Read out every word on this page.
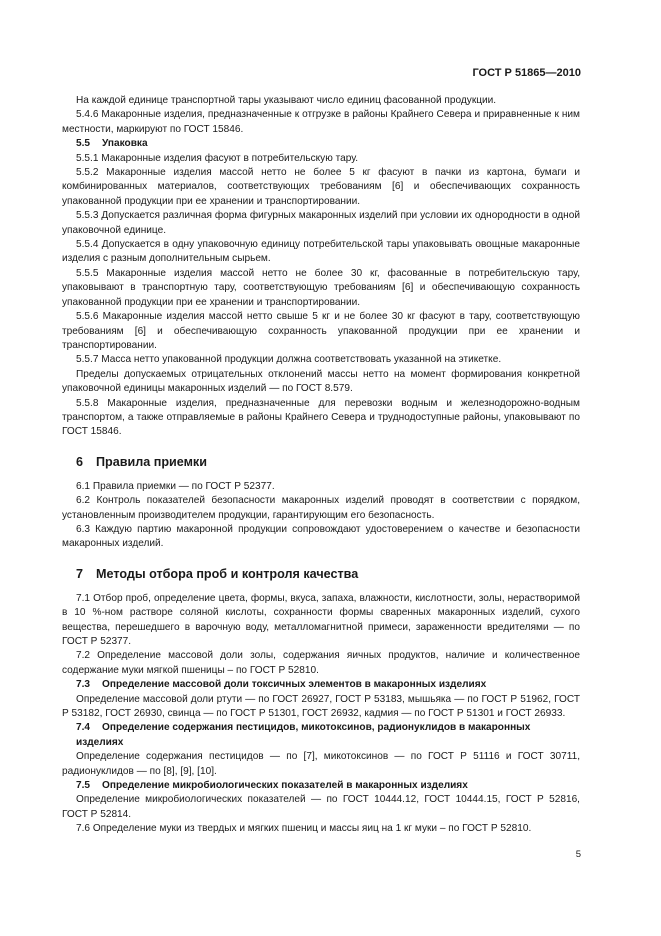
ГОСТ Р 51865—2010

На каждой единице транспортной тары указывают число единиц фасованной продукции.

5.4.6 Макаронные изделия, предназначенные к отгрузке в районы Крайнего Севера и приравненные к ним местности, маркируют по ГОСТ 15846.

5.5 Упаковка

5.5.1 Макаронные изделия фасуют в потребительскую тару.

5.5.2 Макаронные изделия массой нетто не более 5 кг фасуют в пачки из картона, бумаги и комбинированных материалов, соответствующих требованиям [6] и обеспечивающих сохранность упакованной продукции при ее хранении и транспортировании.

5.5.3 Допускается различная форма фигурных макаронных изделий при условии их однородности в одной упаковочной единице.

5.5.4 Допускается в одну упаковочную единицу потребительской тары упаковывать овощные макаронные изделия с разным дополнительным сырьем.

5.5.5 Макаронные изделия массой нетто не более 30 кг, фасованные в потребительскую тару, упаковывают в транспортную тару, соответствующую требованиям [6] и обеспечивающую сохранность упакованной продукции при ее хранении и транспортировании.

5.5.6 Макаронные изделия массой нетто свыше 5 кг и не более 30 кг фасуют в тару, соответствующую требованиям [6] и обеспечивающую сохранность упакованной продукции при ее хранении и транспортировании.

5.5.7 Масса нетто упакованной продукции должна соответствовать указанной на этикетке.

Пределы допускаемых отрицательных отклонений массы нетто на момент формирования конкретной упаковочной единицы макаронных изделий — по ГОСТ 8.579.

5.5.8 Макаронные изделия, предназначенные для перевозки водным и железнодорожно-водным транспортом, а также отправляемые в районы Крайнего Севера и труднодоступные районы, упаковывают по ГОСТ 15846.

6 Правила приемки

6.1 Правила приемки — по ГОСТ Р 52377.

6.2 Контроль показателей безопасности макаронных изделий проводят в соответствии с порядком, установленным производителем продукции, гарантирующим его безопасность.

6.3 Каждую партию макаронной продукции сопровождают удостоверением о качестве и безопасности макаронных изделий.

7 Методы отбора проб и контроля качества

7.1 Отбор проб, определение цвета, формы, вкуса, запаха, влажности, кислотности, золы, нерастворимой в 10 %-ном растворе соляной кислоты, сохранности формы сваренных макаронных изделий, сухого вещества, перешедшего в варочную воду, металломагнитной примеси, зараженности вредителями — по ГОСТ Р 52377.

7.2 Определение массовой доли золы, содержания яичных продуктов, наличие и количественное содержание муки мягкой пшеницы – по ГОСТ Р 52810.

7.3 Определение массовой доли токсичных элементов в макаронных изделиях

Определение массовой доли ртути — по ГОСТ 26927, ГОСТ Р 53183, мышьяка — по ГОСТ Р 51962, ГОСТ Р 53182, ГОСТ 26930, свинца — по ГОСТ Р 51301, ГОСТ 26932, кадмия — по ГОСТ Р 51301 и ГОСТ 26933.

7.4 Определение содержания пестицидов, микотоксинов, радионуклидов в макаронных изделиях

Определение содержания пестицидов — по [7], микотоксинов — по ГОСТ Р 51116 и ГОСТ 30711, радионуклидов — по [8], [9], [10].

7.5 Определение микробиологических показателей в макаронных изделиях

Определение микробиологических показателей — по ГОСТ 10444.12, ГОСТ 10444.15, ГОСТ Р 52816, ГОСТ Р 52814.

7.6 Определение муки из твердых и мягких пшениц и массы яиц на 1 кг муки – по ГОСТ Р 52810.

5
